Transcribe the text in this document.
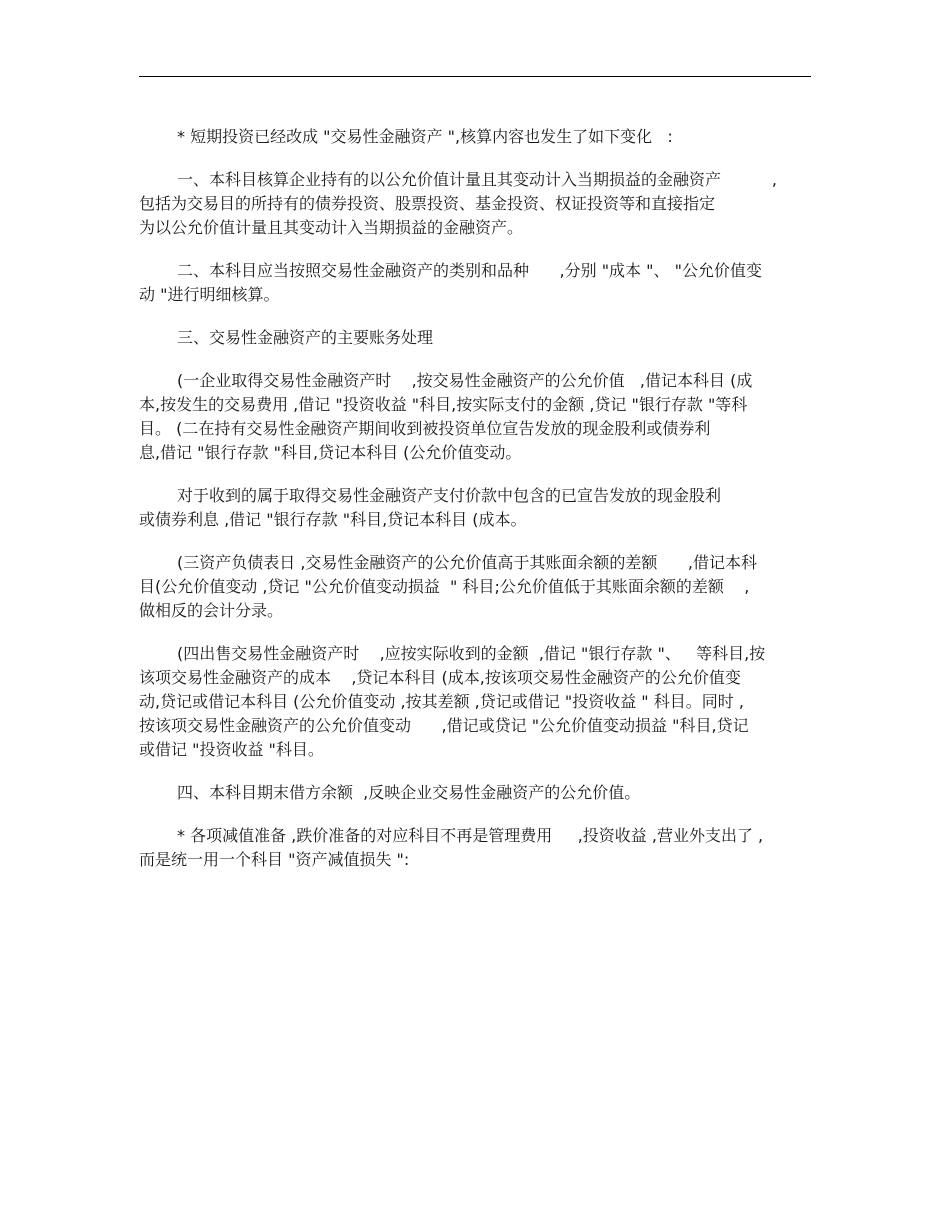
* 短期投资已经改成 "交易性金融资产 ",核算内容也发生了如下变化   :

一、本科目核算企业持有的以公允价值计量且其变动计入当期损益的金融资产          ,
包括为交易目的所持有的债券投资、股票投资、基金投资、权证投资等和直接指定
为以公允价值计量且其变动计入当期损益的金融资产。

二、本科目应当按照交易性金融资产的类别和品种      ,分别 "成本 "、 "公允价值变
动 "进行明细核算。

三、交易性金融资产的主要账务处理

(一企业取得交易性金融资产时    ,按交易性金融资产的公允价值   ,借记本科目 (成
本,按发生的交易费用 ,借记 "投资收益 "科目,按实际支付的金额 ,贷记 "银行存款 "等科
目。 (二在持有交易性金融资产期间收到被投资单位宣告发放的现金股利或债券利
息,借记 "银行存款 "科目,贷记本科目 (公允价值变动。

对于收到的属于取得交易性金融资产支付价款中包含的已宣告发放的现金股利
或债券利息 ,借记 "银行存款 "科目,贷记本科目 (成本。

(三资产负债表日 ,交易性金融资产的公允价值高于其账面余额的差额      ,借记本科
目(公允价值变动 ,贷记 "公允价值变动损益  " 科目;公允价值低于其账面余额的差额    ,
做相反的会计分录。

(四出售交易性金融资产时    ,应按实际收到的金额  ,借记 "银行存款 "、   等科目,按
该项交易性金融资产的成本    ,贷记本科目 (成本,按该项交易性金融资产的公允价值变
动,贷记或借记本科目 (公允价值变动 ,按其差额 ,贷记或借记 "投资收益 " 科目。同时 ,
按该项交易性金融资产的公允价值变动      ,借记或贷记 "公允价值变动损益 "科目,贷记
或借记 "投资收益 "科目。

四、本科目期末借方余额  ,反映企业交易性金融资产的公允价值。

* 各项减值准备 ,跌价准备的对应科目不再是管理费用     ,投资收益 ,营业外支出了 ,
而是统一用一个科目 "资产减值损失 ":
